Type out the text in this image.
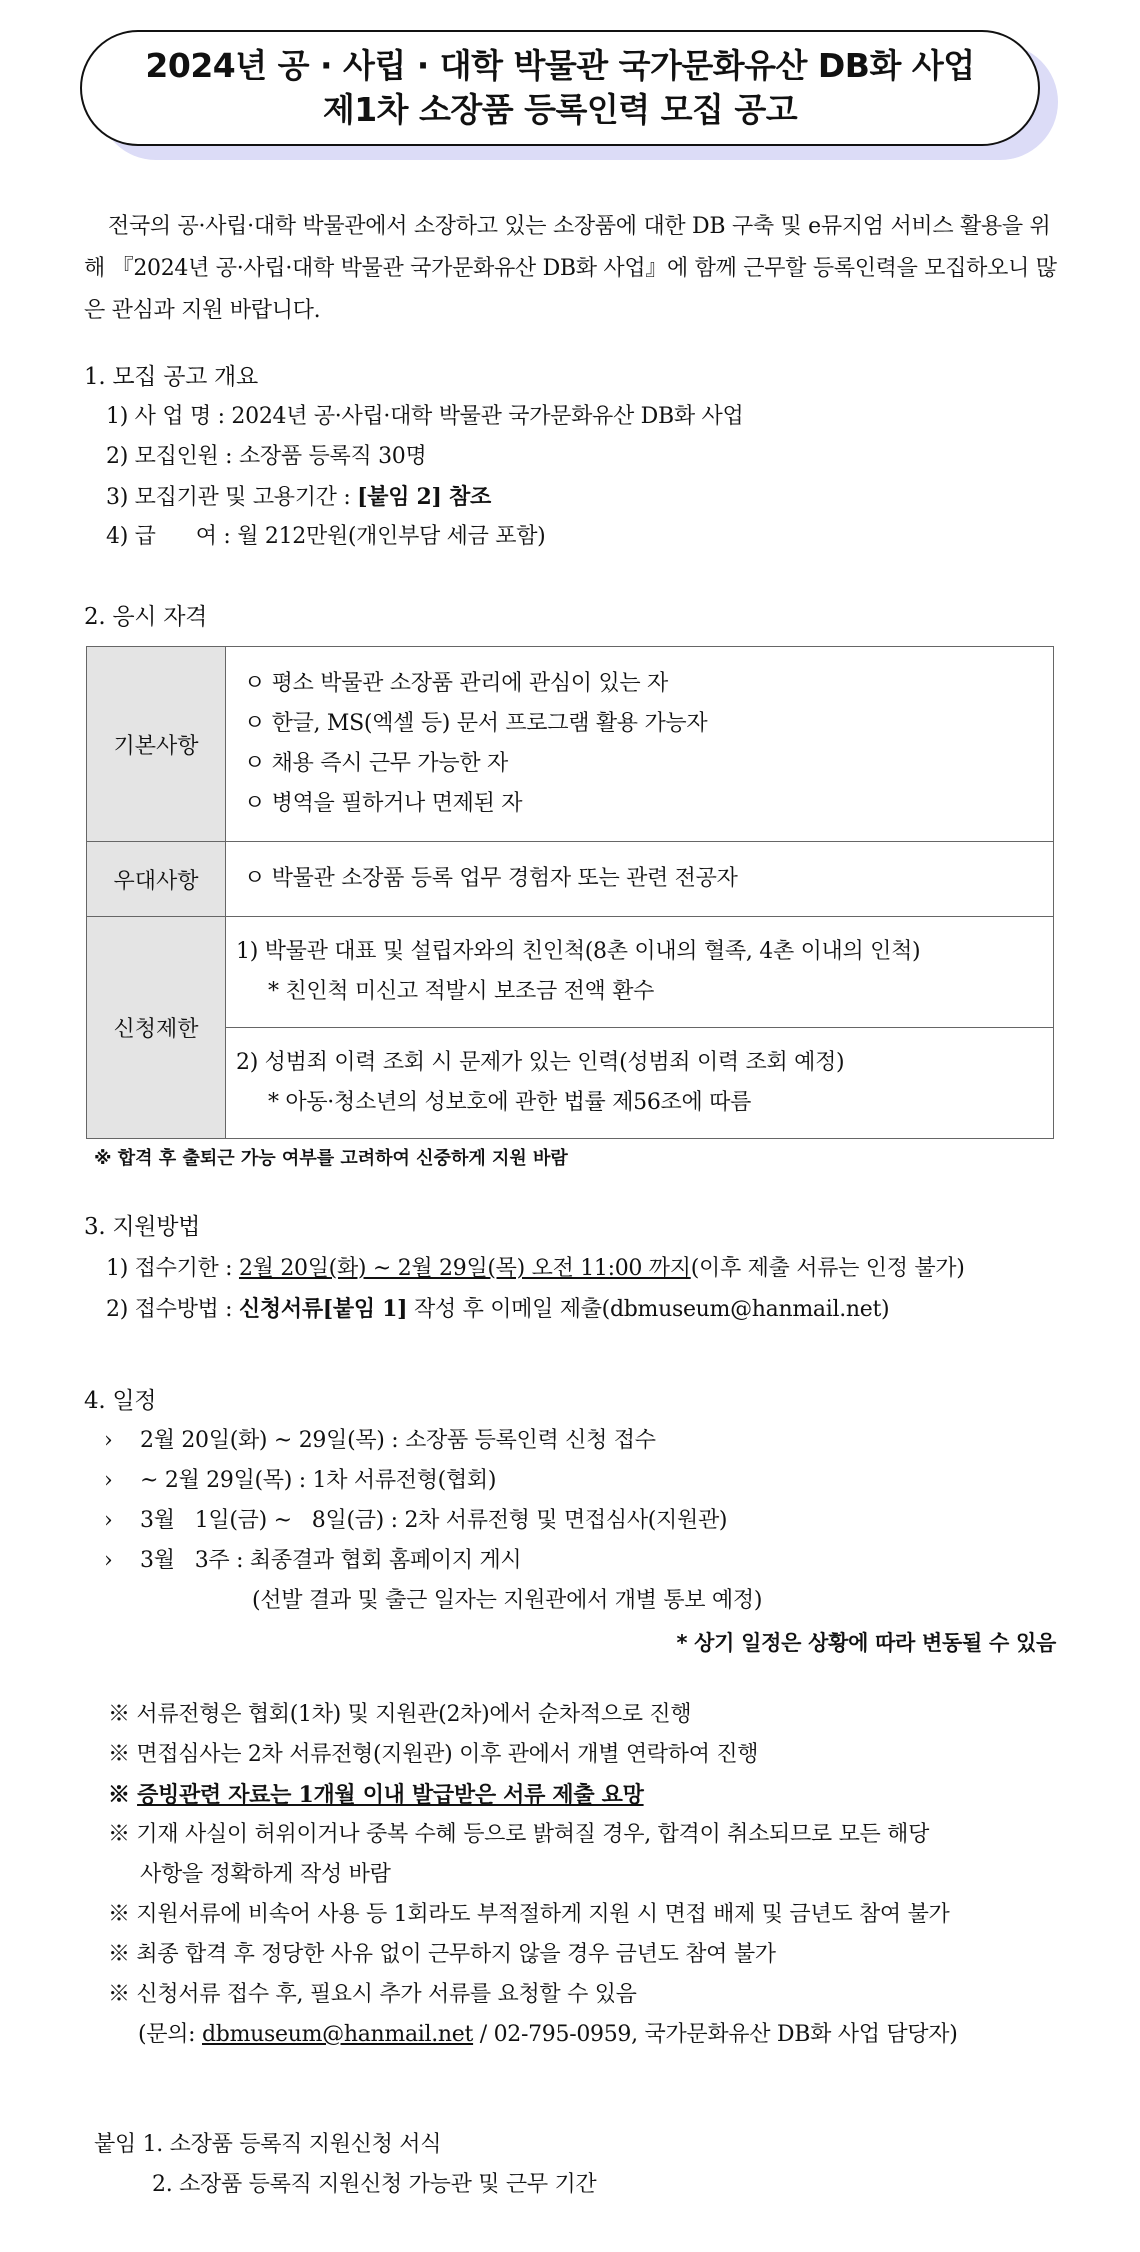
2024년 공 · 사립 · 대학 박물관 국가문화유산 DB화 사업
제1차 소장품 등록인력 모집 공고
전국의 공·사립·대학 박물관에서 소장하고 있는 소장품에 대한 DB 구축 및 e뮤지엄 서비스 활용을 위해 『2024년 공·사립·대학 박물관 국가문화유산 DB화 사업』에 함께 근무할 등록인력을 모집하오니 많은 관심과 지원 바랍니다.
1. 모집 공고 개요
1) 사 업 명 : 2024년 공·사립·대학 박물관 국가문화유산 DB화 사업
2) 모집인원 : 소장품 등록직 30명
3) 모집기관 및 고용기간 : [붙임 2] 참조
4) 급      여 : 월 212만원(개인부담 세금 포함)
2. 응시 자격
기본사항	ㅇ 평소 박물관 소장품 관리에 관심이 있는 자
ㅇ 한글, MS(엑셀 등) 문서 프로그램 활용 가능자
ㅇ 채용 즉시 근무 가능한 자
ㅇ 병역을 필하거나 면제된 자

우대사항	ㅇ 박물관 소장품 등록 업무 경험자 또는 관련 전공자

신청제한	1) 박물관 대표 및 설립자와의 친인척(8촌 이내의 혈족, 4촌 이내의 인척)
* 친인척 미신고 적발시 보조금 전액 환수

	2) 성범죄 이력 조회 시 문제가 있는 인력(성범죄 이력 조회 예정)
* 아동·청소년의 성보호에 관한 법률 제56조에 따름
※ 합격 후 출퇴근 가능 여부를 고려하여 신중하게 지원 바람
3. 지원방법
1) 접수기한 : 2월 20일(화) ~ 2월 29일(목) 오전 11:00 까지(이후 제출 서류는 인정 불가)
2) 접수방법 : 신청서류[붙임 1] 작성 후 이메일 제출(dbmuseum@hanmail.net)
4. 일정
› 2월 20일(화) ~ 29일(목) : 소장품 등록인력 신청 접수
› ~ 2월 29일(목) : 1차 서류전형(협회)
› 3월   1일(금) ~   8일(금) : 2차 서류전형 및 면접심사(지원관)
› 3월   3주 : 최종결과 협회 홈페이지 게시
(선발 결과 및 출근 일자는 지원관에서 개별 통보 예정)
* 상기 일정은 상황에 따라 변동될 수 있음
※ 서류전형은 협회(1차) 및 지원관(2차)에서 순차적으로 진행
※ 면접심사는 2차 서류전형(지원관) 이후 관에서 개별 연락하여 진행
※ 증빙관련 자료는 1개월 이내 발급받은 서류 제출 요망
※ 기재 사실이 허위이거나 중복 수혜 등으로 밝혀질 경우, 합격이 취소되므로 모든 해당
사항을 정확하게 작성 바람
※ 지원서류에 비속어 사용 등 1회라도 부적절하게 지원 시 면접 배제 및 금년도 참여 불가
※ 최종 합격 후 정당한 사유 없이 근무하지 않을 경우 금년도 참여 불가
※ 신청서류 접수 후, 필요시 추가 서류를 요청할 수 있음
(문의: dbmuseum@hanmail.net / 02-795-0959, 국가문화유산 DB화 사업 담당자)
붙임 1. 소장품 등록직 지원신청 서식
2. 소장품 등록직 지원신청 가능관 및 근무 기간
